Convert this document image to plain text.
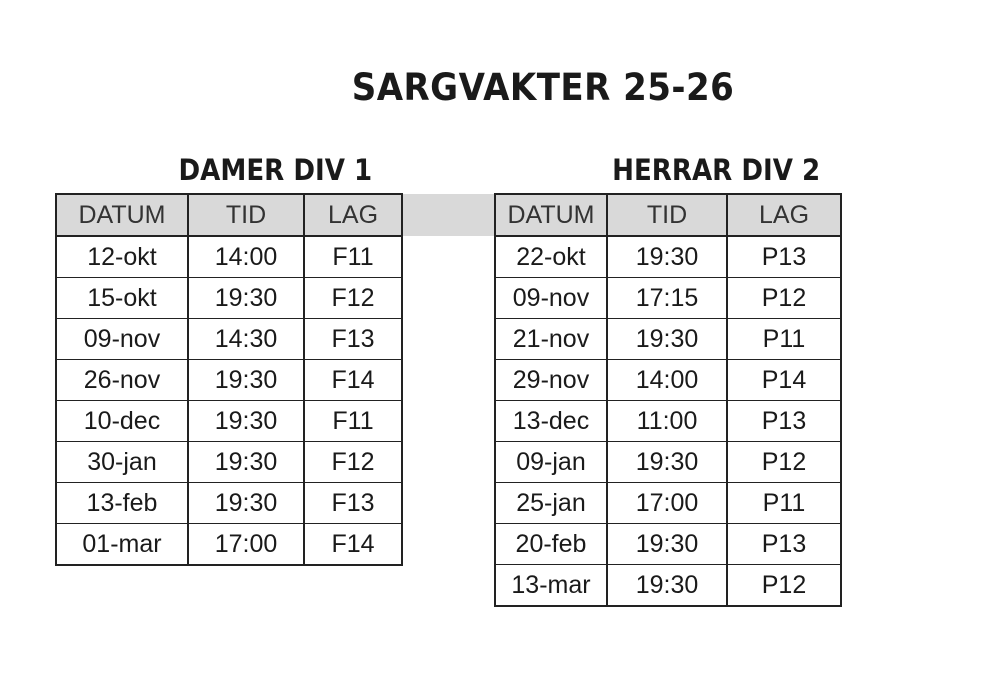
SARGVAKTER 25-26
DAMER DIV 1	HERRAR DIV 2
DATUM	TID	LAG
12-okt	14:00	F11
15-okt	19:30	F12
09-nov	14:30	F13
26-nov	19:30	F14
10-dec	19:30	F11
30-jan	19:30	F12
13-feb	19:30	F13
01-mar	17:00	F14
DATUM	TID	LAG
22-okt	19:30	P13
09-nov	17:15	P12
21-nov	19:30	P11
29-nov	14:00	P14
13-dec	11:00	P13
09-jan	19:30	P12
25-jan	17:00	P11
20-feb	19:30	P13
13-mar	19:30	P12
